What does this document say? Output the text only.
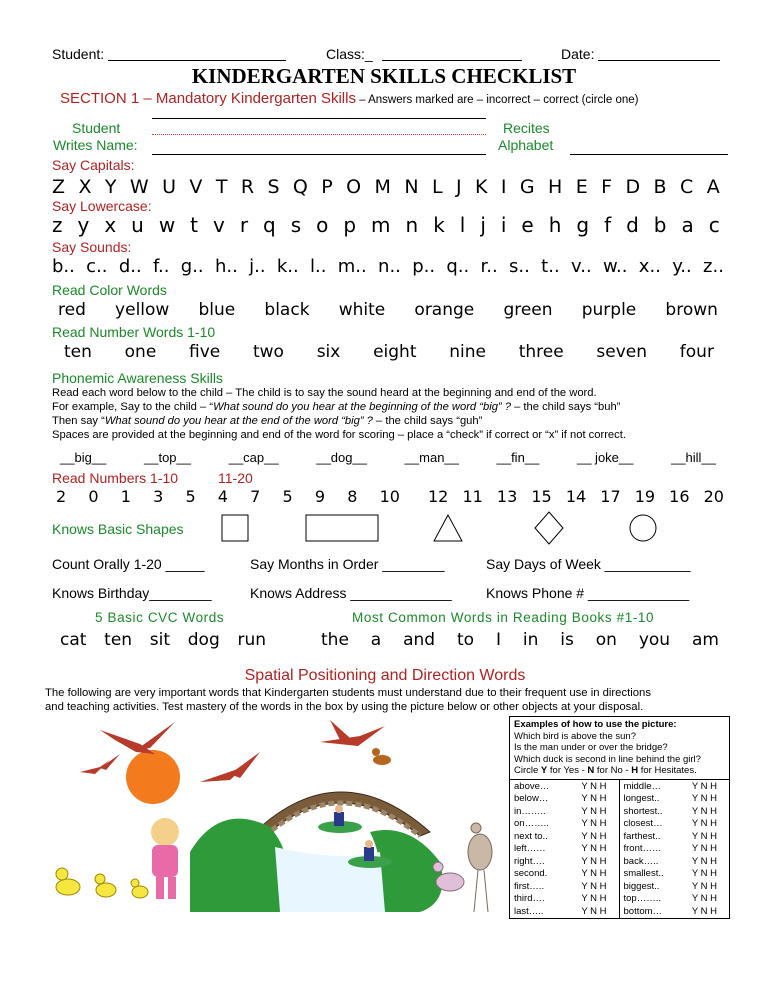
Student:	Class:_	Date:
KINDERGARTEN SKILLS CHECKLIST
SECTION 1 – Mandatory Kindergarten Skills – Answers marked are – incorrect – correct (circle one)
Student
Writes Name:
Recites
Alphabet
Say Capitals:
Z X Y W U V T R S Q P O M N L J K I G H E F D B C A
Say Lowercase:
z y x u w t v r q s o p m n k l j i e h g f d b a c
Say Sounds:
b.. c.. d.. f.. g.. h.. j.. k.. l.. m.. n.. p.. q.. r.. s.. t.. v.. w.. x.. y.. z..
Read Color Words
red yellow blue black white orange green purple brown
Read Number Words 1-10
ten one five two six eight nine three seven four
Phonemic Awareness Skills
Read each word below to the child – The child is to say the sound heard at the beginning and end of the word.
For example, Say to the child – “What sound do you hear at the beginning of the word “big” ? – the child says “buh”
Then say “What sound do you hear at the end of the word “big” ? – the child says “guh”
Spaces are provided at the beginning and end of the word for scoring – place a “check” if correct or “x” if not correct.
__big__	__top__	__cap__	__dog__	__man__	__fin__	__ joke__	__hill__
Read Numbers 1-10	11-20
2 0 1 3 5 4 7 5 9 8 10 12 11 13 15 14 17 19 16 20
Knows Basic Shapes
Count Orally 1-20 _____	Say Months in Order ________	Say Days of Week ___________
Knows Birthday________	Knows Address _____________ Knows Phone # _____________
5 Basic CVC Words	Most Common Words in Reading Books #1-10
cat ten sit dog run	the a and to I in is on you am
Spatial Positioning and Direction Words
The following are very important words that Kindergarten students must understand due to their frequent use in directions
and teaching activities. Test mastery of the words in the box by using the picture below or other objects at your disposal.
Examples of how to use the picture:
Which bird is above the sun?
Is the man under or over the bridge?
Which duck is second in line behind the girl?
Circle Y for Yes - N for No - H for Hesitates.
above…	Y N H
below…	Y N H
in……..	Y N H
on……..	Y N H
next to..	Y N H
left……	Y N H
right….	Y N H
second.	Y N H
first…..	Y N H
third….	Y N H
last…..	Y N H
middle…	Y N H
longest..	Y N H
shortest..	Y N H
closest…	Y N H
farthest..	Y N H
front……	Y N H
back…..	Y N H
smallest..	Y N H
biggest..	Y N H
top……..	Y N H
bottom…	Y N H
